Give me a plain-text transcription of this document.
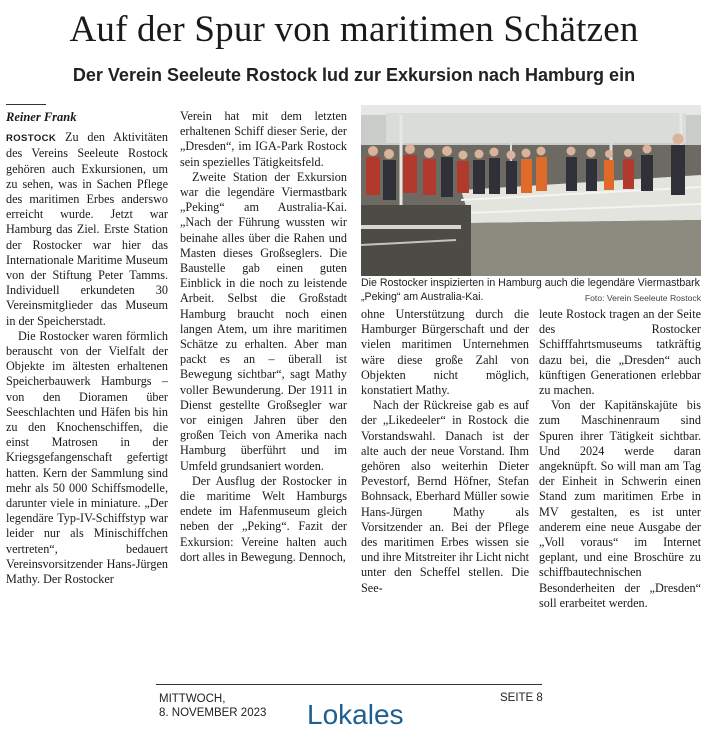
Auf der Spur von maritimen Schätzen
Der Verein Seeleute Rostock lud zur Exkursion nach Hamburg ein
Reiner Frank

ROSTOCK Zu den Aktivitäten des Vereins Seeleute Rostock gehören auch Exkursionen, um zu sehen, was in Sachen Pflege des maritimen Erbes anderswo erreicht wurde. Jetzt war Hamburg das Ziel. Erste Station der Rostocker war hier das Internationale Maritime Museum von der Stiftung Peter Tamms. Individuell erkundeten 30 Vereinsmitglieder das Museum in der Speicherstadt.

Die Rostocker waren förmlich berauscht von der Vielfalt der Objekte im ältesten erhaltenen Speicherbauwerk Hamburgs – von den Dioramen über Seeschlachten und Häfen bis hin zu den Knochenschiffen, die einst Matrosen in der Kriegsgefangenschaft gefertigt hatten. Kern der Sammlung sind mehr als 50 000 Schiffsmodelle, darunter viele in miniature. „Der legendäre Typ-IV-Schiffstyp war leider nur als Minischiffchen vertreten“, bedauert Vereinsvorsitzender Hans-Jürgen Mathy. Der Rostocker

Verein hat mit dem letzten erhaltenen Schiff dieser Serie, der „Dresden“, im IGA-Park Rostock sein spezielles Tätigkeitsfeld.

Zweite Station der Exkursion war die legendäre Viermastbark „Peking“ am Australia-Kai. „Nach der Führung wussten wir beinahe alles über die Rahen und Masten dieses Großseglers. Die Baustelle gab einen guten Einblick in die noch zu leistende Arbeit. Selbst die Großstadt Hamburg braucht noch einen langen Atem, um ihre maritimen Schätze zu erhalten. Aber man packt es an – überall ist Bewegung sichtbar“, sagt Mathy voller Bewunderung. Der 1911 in Dienst gestellte Großsegler war vor einigen Jahren über den großen Teich von Amerika nach Hamburg überführt und im Umfeld grundsaniert worden.

Der Ausflug der Rostocker in die maritime Welt Hamburgs endete im Hafenmuseum gleich neben der „Peking“. Fazit der Exkursion: Vereine halten auch dort alles in Bewegung. Dennoch,

Die Rostocker inspizierten in Hamburg auch die legendäre Viermastbark „Peking“ am Australia-Kai.	Foto: Verein Seeleute Rostock

ohne Unterstützung durch die Hamburger Bürgerschaft und der vielen maritimen Unternehmen wäre diese große Zahl von Objekten nicht möglich, konstatiert Mathy.

Nach der Rückreise gab es auf der „Likedeeler“ in Rostock die Vorstandswahl. Danach ist der alte auch der neue Vorstand. Ihm gehören also weiterhin Dieter Pevestorf, Bernd Höfner, Stefan Bohnsack, Eberhard Müller sowie Hans-Jürgen Mathy als Vorsitzender an. Bei der Pflege des maritimen Erbes wissen sie und ihre Mitstreiter ihr Licht nicht unter den Scheffel stellen. Die See-

leute Rostock tragen an der Seite des Rostocker Schifffahrtsmuseums tatkräftig dazu bei, die „Dresden“ auch künftigen Generationen erlebbar zu machen.

Von der Kapitänskajüte bis zum Maschinenraum sind Spuren ihrer Tätigkeit sichtbar. Und 2024 werde daran angeknüpft. So will man am Tag der Einheit in Schwerin einen Stand zum maritimen Erbe in MV gestalten, es ist unter anderem eine neue Ausgabe der „Voll voraus“ im Internet geplant, und eine Broschüre zu schiffbautechnischen Besonderheiten der „Dresden“ soll erarbeitet werden.

MITTWOCH,
8. NOVEMBER 2023 Lokales
SEITE 8
